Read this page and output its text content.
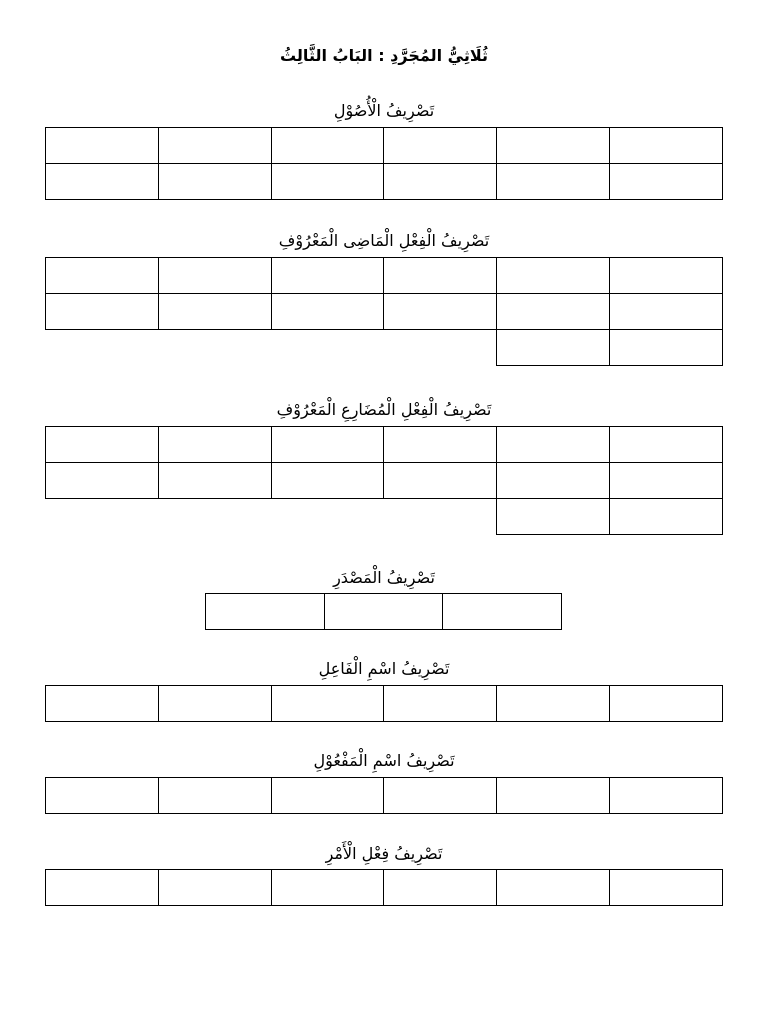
ثُلَاثِيُّ المُجَرَّدِ : البَابُ الثَّالِثُ
تَصْرِيفُ الْأُصُوْلِ

تَصْرِيفُ الْفِعْلِ الْمَاضِى الْمَعْرُوْفِ

تَصْرِيفُ الْفِعْلِ الْمُضَارِعِ الْمَعْرُوْفِ

تَصْرِيفُ الْمَصْدَرِ

تَصْرِيفُ اسْمِ الْفَاعِلِ

تَصْرِيفُ اسْمِ الْمَفْعُوْلِ

تَصْرِيفُ فِعْلِ الْأَمْرِ
